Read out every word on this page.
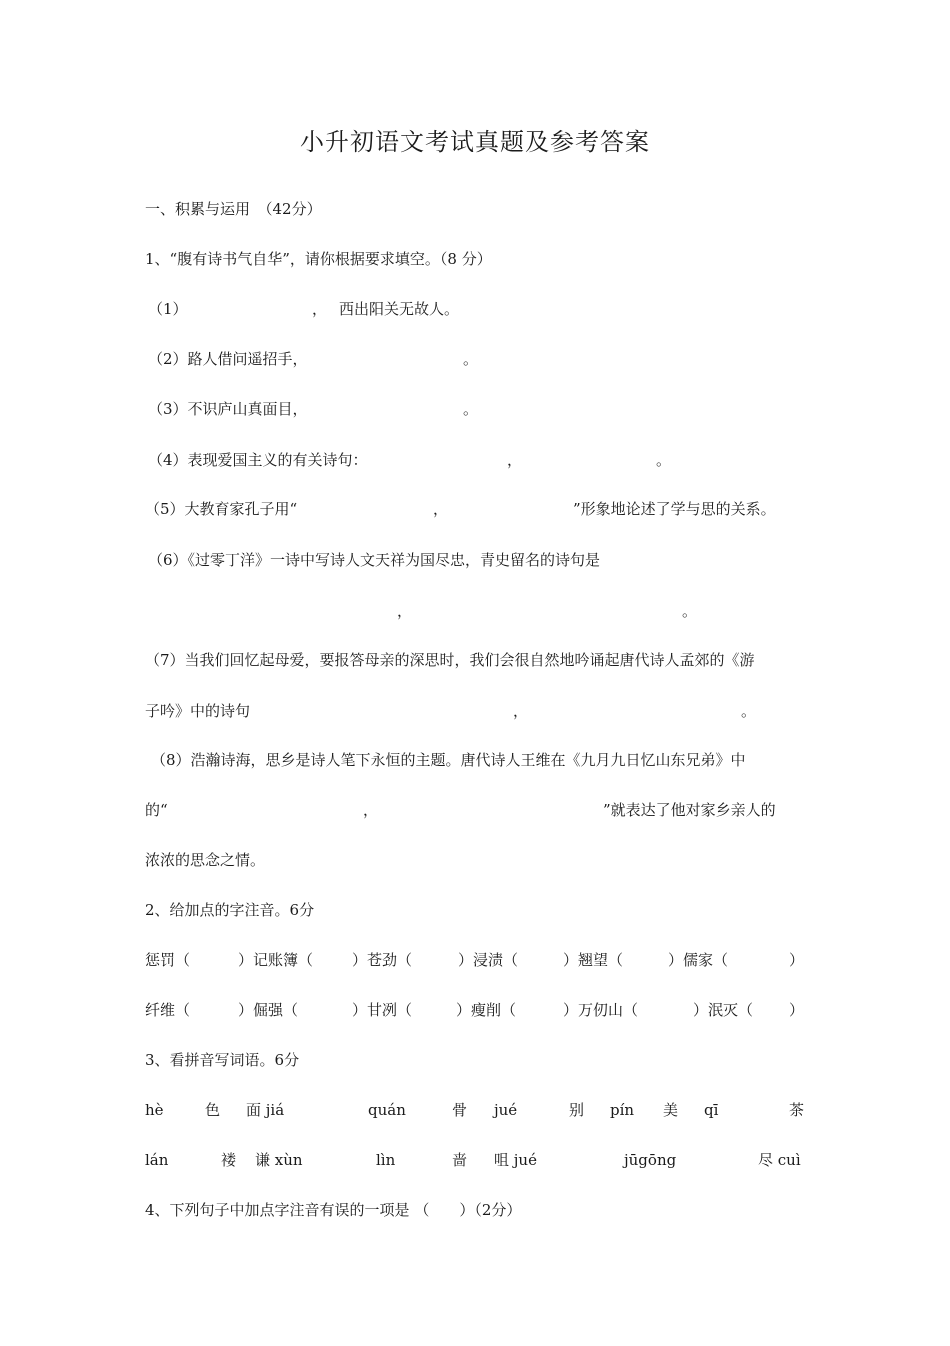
小升初语文考试真题及参考答案
一、积累与运用　（42分）
1、“腹有诗书气自华”，请你根据要求填空。（8 分）
（1）	， 西出阳关无故人。
（2）路人借问遥招手，	。
（3）不识庐山真面目，	。
（4）表现爱国主义的有关诗句：	，	。
（5）大教育家孔子用“	，	”形象地论述了学与思的关系。
（6）《过零丁洋》一诗中写诗人文天祥为国尽忠，青史留名的诗句是
，	。
（7）当我们回忆起母爱，要报答母亲的深思时，我们会很自然地吟诵起唐代诗人孟郊的《游
子吟》中的诗句	，	。
（8）浩瀚诗海，思乡是诗人笔下永恒的主题。唐代诗人王维在《九月九日忆山东兄弟》中
的“	，	”就表达了他对家乡亲人的
浓浓的思念之情。
2、给加点的字注音。6分
惩罚（	）记账簿（	）苍劲（	）浸渍（	）翘望（	）儒家（	）
纤维（	）倔强（	）甘冽（	）瘦削（	）万仞山（	）泯灭（ ）
3、看拼音写词语。6分
hè	色 面 jiá	quán	骨 jué	别 pín 美 qī	茶
lán	褛 谦 xùn	lìn	啬 咀 jué	jūgōng	尽 cuì
4、下列句子中加点字注音有误的一项是 （　　）（2分）
